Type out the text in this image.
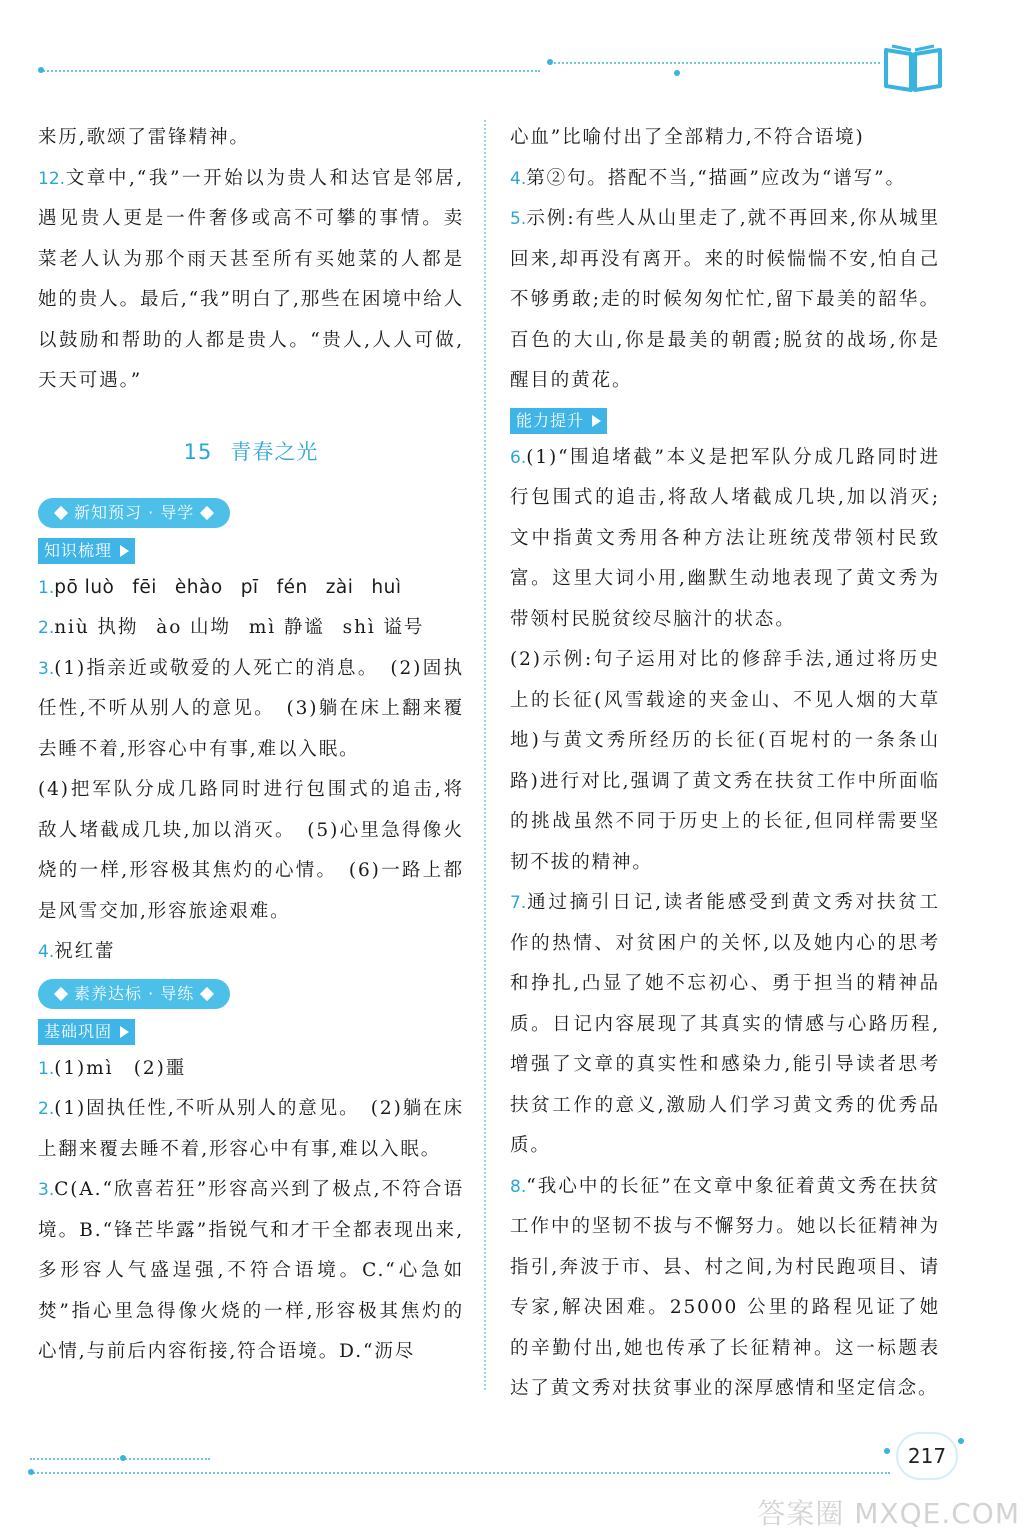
来历,歌颂了雷锋精神。

12.文章中,“我”一开始以为贵人和达官是邻居,遇见贵人更是一件奢侈或高不可攀的事情。卖菜老人认为那个雨天甚至所有买她菜的人都是她的贵人。最后,“我”明白了,那些在困境中给人以鼓励和帮助的人都是贵人。“贵人,人人可做,天天可遇。”

15 青春之光
新知预习 · 导学
知识梳理

1.pō luò fēi èhào pī fén zài huì

2.niù 执拗 ào 山坳 mì 静谧 shì 谥号

3.(1)指亲近或敬爱的人死亡的消息。　(2)固执任性,不听从别人的意见。　(3)躺在床上翻来覆去睡不着,形容心中有事,难以入眠。

(4)把军队分成几路同时进行包围式的追击,将敌人堵截成几块,加以消灭。　(5)心里急得像火烧的一样,形容极其焦灼的心情。　(6)一路上都是风雪交加,形容旅途艰难。

4.祝红蕾

素养达标 · 导练
基础巩固

1.(1)mì　(2)噩

2.(1)固执任性,不听从别人的意见。　(2)躺在床上翻来覆去睡不着,形容心中有事,难以入眠。

3.C(A.“欣喜若狂”形容高兴到了极点,不符合语境。B.“锋芒毕露”指锐气和才干全都表现出来,多形容人气盛逞强,不符合语境。C.“心急如焚”指心里急得像火烧的一样,形容极其焦灼的心情,与前后内容衔接,符合语境。D.“沥尽

心血”比喻付出了全部精力,不符合语境)

4.第②句。搭配不当,“描画”应改为“谱写”。

5.示例:有些人从山里走了,就不再回来,你从城里回来,却再没有离开。来的时候惴惴不安,怕自己不够勇敢;走的时候匆匆忙忙,留下最美的韶华。百色的大山,你是最美的朝霞;脱贫的战场,你是醒目的黄花。

能力提升

6.(1)“围追堵截”本义是把军队分成几路同时进行包围式的追击,将敌人堵截成几块,加以消灭;文中指黄文秀用各种方法让班统茂带领村民致富。这里大词小用,幽默生动地表现了黄文秀为带领村民脱贫绞尽脑汁的状态。

(2)示例:句子运用对比的修辞手法,通过将历史上的长征(风雪载途的夹金山、不见人烟的大草地)与黄文秀所经历的长征(百坭村的一条条山路)进行对比,强调了黄文秀在扶贫工作中所面临的挑战虽然不同于历史上的长征,但同样需要坚韧不拔的精神。

7.通过摘引日记,读者能感受到黄文秀对扶贫工作的热情、对贫困户的关怀,以及她内心的思考和挣扎,凸显了她不忘初心、勇于担当的精神品质。日记内容展现了其真实的情感与心路历程,增强了文章的真实性和感染力,能引导读者思考扶贫工作的意义,激励人们学习黄文秀的优秀品质。

8.“我心中的长征”在文章中象征着黄文秀在扶贫工作中的坚韧不拔与不懈努力。她以长征精神为指引,奔波于市、县、村之间,为村民跑项目、请专家,解决困难。25000 公里的路程见证了她的辛勤付出,她也传承了长征精神。这一标题表达了黄文秀对扶贫事业的深厚感情和坚定信念。

217
答案圈 MXQE.COM
